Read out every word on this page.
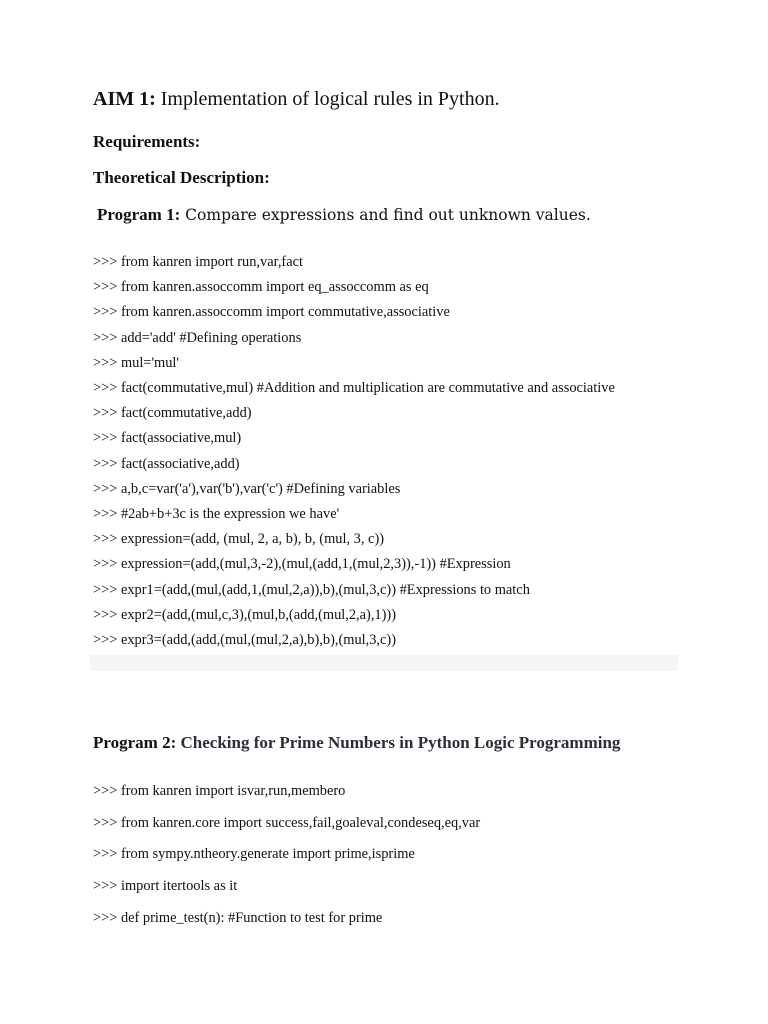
AIM 1: Implementation of logical rules in Python.
Requirements:
Theoretical Description:
Program 1: Compare expressions and find out unknown values.
>>> from kanren import run,var,fact
>>> from kanren.assoccomm import eq_assoccomm as eq
>>> from kanren.assoccomm import commutative,associative
>>> add='add' #Defining operations
>>> mul='mul'
>>> fact(commutative,mul) #Addition and multiplication are commutative and associative
>>> fact(commutative,add)
>>> fact(associative,mul)
>>> fact(associative,add)
>>> a,b,c=var('a'),var('b'),var('c') #Defining variables
>>> #2ab+b+3c is the expression we have'
>>> expression=(add, (mul, 2, a, b), b, (mul, 3, c))
>>> expression=(add,(mul,3,-2),(mul,(add,1,(mul,2,3)),-1)) #Expression
>>> expr1=(add,(mul,(add,1,(mul,2,a)),b),(mul,3,c)) #Expressions to match
>>> expr2=(add,(mul,c,3),(mul,b,(add,(mul,2,a),1)))
>>> expr3=(add,(add,(mul,(mul,2,a),b),b),(mul,3,c))
Program 2: Checking for Prime Numbers in Python Logic Programming
>>> from kanren import isvar,run,membero
>>> from kanren.core import success,fail,goaleval,condeseq,eq,var
>>> from sympy.ntheory.generate import prime,isprime
>>> import itertools as it
>>> def prime_test(n): #Function to test for prime
